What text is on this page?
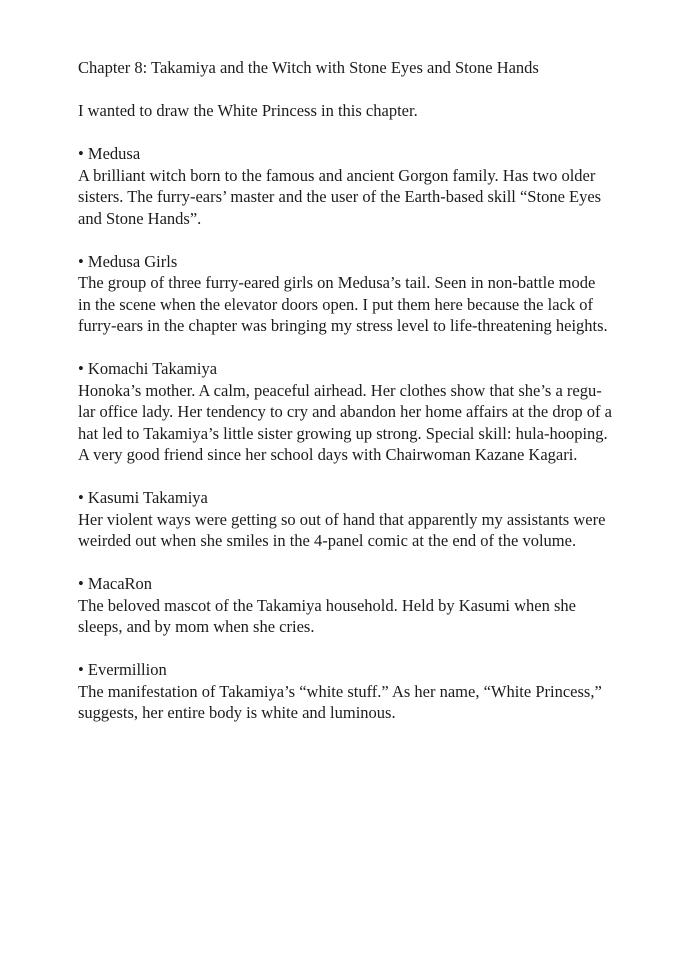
Chapter 8: Takamiya and the Witch with Stone Eyes and Stone Hands
I wanted to draw the White Princess in this chapter.
• Medusa
A brilliant witch born to the famous and ancient Gorgon family. Has two older
sisters. The furry-ears’ master and the user of the Earth-based skill “Stone Eyes
and Stone Hands”.
• Medusa Girls
The group of three furry-eared girls on Medusa’s tail. Seen in non-battle mode
in the scene when the elevator doors open. I put them here because the lack of
furry-ears in the chapter was bringing my stress level to life-threatening heights.
• Komachi Takamiya
Honoka’s mother. A calm, peaceful airhead. Her clothes show that she’s a regu-
lar office lady. Her tendency to cry and abandon her home affairs at the drop of a
hat led to Takamiya’s little sister growing up strong. Special skill: hula-hooping.
A very good friend since her school days with Chairwoman Kazane Kagari.
• Kasumi Takamiya
Her violent ways were getting so out of hand that apparently my assistants were
weirded out when she smiles in the 4-panel comic at the end of the volume.
• MacaRon
The beloved mascot of the Takamiya household. Held by Kasumi when she
sleeps, and by mom when she cries.
• Evermillion
The manifestation of Takamiya’s “white stuff.” As her name, “White Princess,”
suggests, her entire body is white and luminous.
